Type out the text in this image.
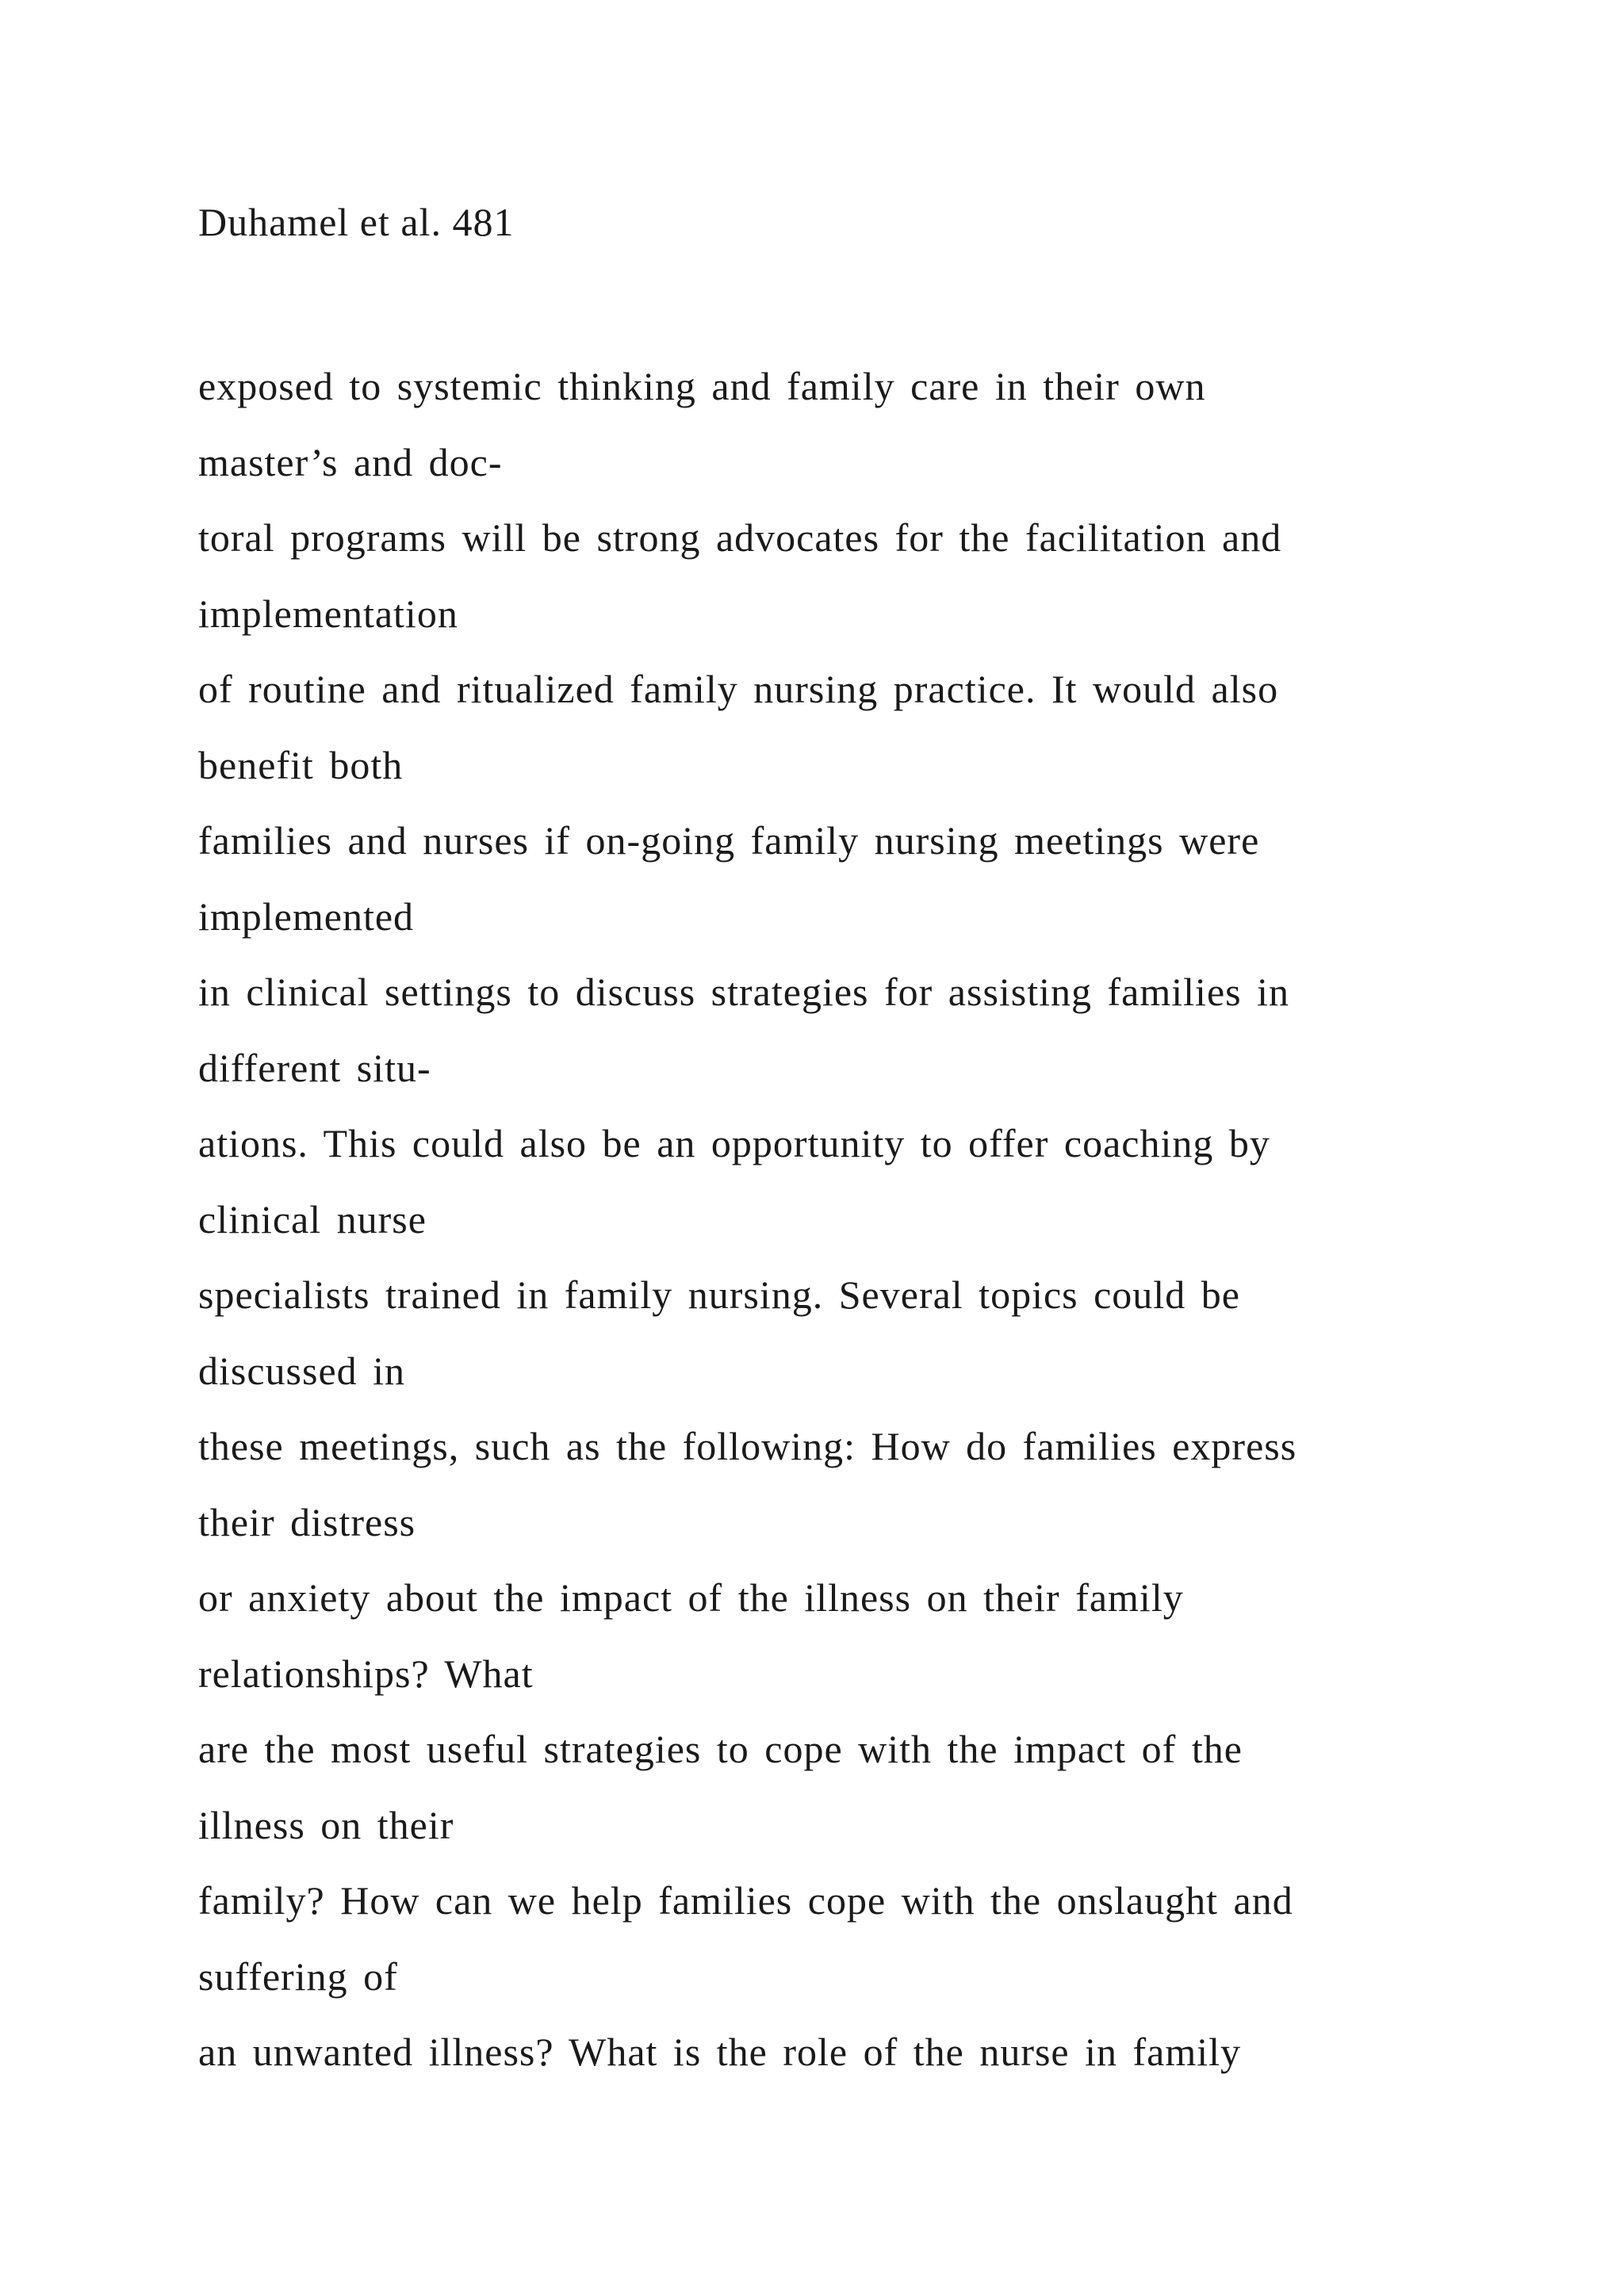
Duhamel et al. 481
exposed to systemic thinking and family care in their own
master’s and doc-
toral programs will be strong advocates for the facilitation and
implementation
of routine and ritualized family nursing practice. It would also
benefit both
families and nurses if on-going family nursing meetings were
implemented
in clinical settings to discuss strategies for assisting families in
different situ-
ations. This could also be an opportunity to offer coaching by
clinical nurse
specialists trained in family nursing. Several topics could be
discussed in
these meetings, such as the following: How do families express
their distress
or anxiety about the impact of the illness on their family
relationships? What
are the most useful strategies to cope with the impact of the
illness on their
family? How can we help families cope with the onslaught and
suffering of
an unwanted illness? What is the role of the nurse in family
